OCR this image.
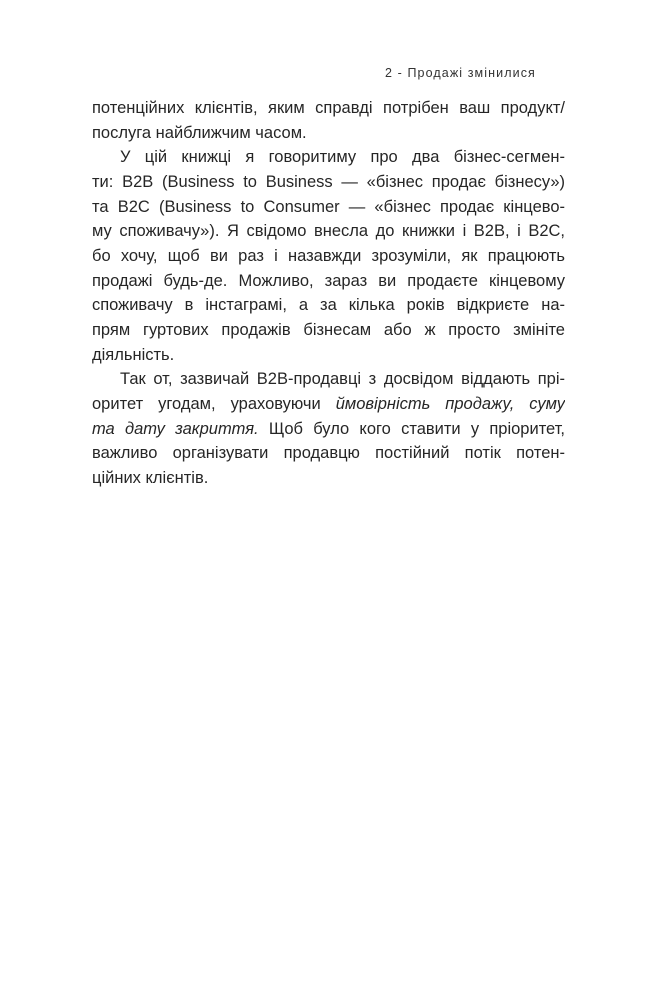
2 - Продажі змінилися
потенційних клієнтів, яким справді потрібен ваш продукт/
послуга найближчим часом.
У цій книжці я говоритиму про два бізнес-сегмен-
ти: B2B (Business to Business — «бізнес продає бізнесу»)
та B2C (Business to Consumer — «бізнес продає кінцево-
му споживачу»). Я свідомо внесла до книжки і B2B, і B2C,
бо хочу, щоб ви раз і назавжди зрозуміли, як працюють
продажі будь-де. Можливо, зараз ви продаєте кінцевому
споживачу в інстаграмі, а за кілька років відкриєте на-
прям гуртових продажів бізнесам або ж просто змініте
діяльність.
Так от, зазвичай B2B-продавці з досвідом віддають прі-
оритет угодам, ураховуючи ймовірність продажу, суму
та дату закриття. Щоб було кого ставити у пріоритет,
важливо організувати продавцю постійний потік потен-
ційних клієнтів.
